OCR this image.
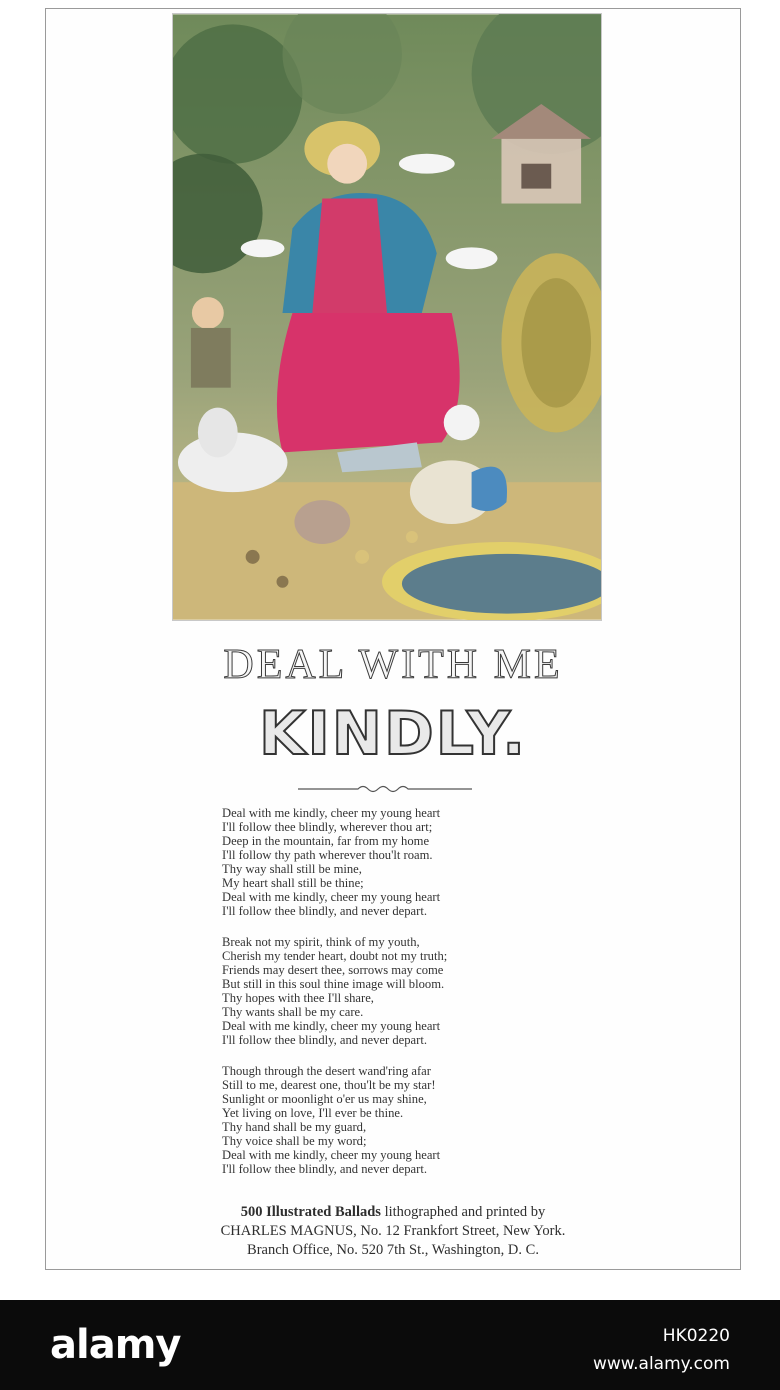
DEAL WITH ME
KINDLY.
Deal with me kindly, cheer my young heart
I'll follow thee blindly, wherever thou art;
Deep in the mountain, far from my home
I'll follow thy path wherever thou'lt roam.
Thy way shall still be mine,
My heart shall still be thine;
Deal with me kindly, cheer my young heart
I'll follow thee blindly, and never depart.
Break not my spirit, think of my youth,
Cherish my tender heart, doubt not my truth;
Friends may desert thee, sorrows may come
But still in this soul thine image will bloom.
Thy hopes with thee I'll share,
Thy wants shall be my care.
Deal with me kindly, cheer my young heart
I'll follow thee blindly, and never depart.
Though through the desert wand'ring afar
Still to me, dearest one, thou'lt be my star!
Sunlight or moonlight o'er us may shine,
Yet living on love, I'll ever be thine.
Thy hand shall be my guard,
Thy voice shall be my word;
Deal with me kindly, cheer my young heart
I'll follow thee blindly, and never depart.
500 Illustrated Ballads lithographed and printed by
CHARLES MAGNUS, No. 12 Frankfort Street, New York.
Branch Office, No. 520 7th St., Washington, D. C.
alamy	HK0220
www.alamy.com
